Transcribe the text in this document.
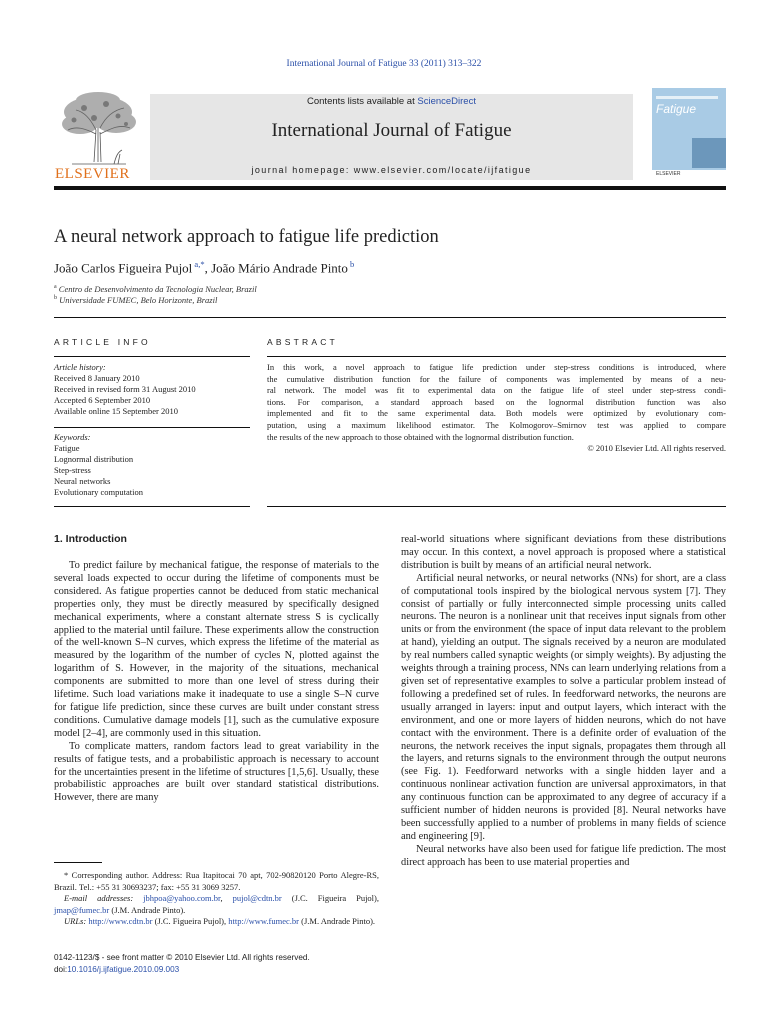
International Journal of Fatigue 33 (2011) 313–322
ELSEVIER
Contents lists available at ScienceDirect
International Journal of Fatigue
journal homepage: www.elsevier.com/locate/ijfatigue
Fatigue
ELSEVIER
A neural network approach to fatigue life prediction
João Carlos Figueira Pujol $^{a,*}$, João Mário Andrade Pinto $^b$
$^a$ Centro de Desenvolvimento da Tecnologia Nuclear, Brazil
$^b$ Universidade FUMEC, Belo Horizonte, Brazil
ARTICLE INFO
Article history:
Received 8 January 2010
Received in revised form 31 August 2010
Accepted 6 September 2010
Available online 15 September 2010
Keywords:
Fatigue
Lognormal distribution
Step-stress
Neural networks
Evolutionary computation
ABSTRACT
In this work, a novel approach to fatigue life prediction under step-stress conditions is introduced, where
the cumulative distribution function for the failure of components was implemented by means of a neu-
ral network. The model was fit to experimental data on the fatigue life of steel under step-stress condi-
tions. For comparison, a standard approach based on the lognormal distribution function was also
implemented and fit to the same experimental data. Both models were optimized by evolutionary com-
putation, using a maximum likelihood estimator. The Kolmogorov–Smirnov test was applied to compare
the results of the new approach to those obtained with the lognormal distribution function.
© 2010 Elsevier Ltd. All rights reserved.
1. Introduction

To predict failure by mechanical fatigue, the response of materials to the several loads expected to occur during the lifetime of components must be considered. As fatigue properties cannot be deduced from static mechanical properties only, they must be directly measured by specifically designed mechanical experiments, where a constant alternate stress S is cyclically applied to the material until failure. These experiments allow the construction of the well-known S–N curves, which express the lifetime of the material as measured by the logarithm of the number of cycles N, plotted against the logarithm of S. However, in the majority of the situations, mechanical components are submitted to more than one level of stress during their lifetime. Such load variations make it inadequate to use a single S–N curve for fatigue life prediction, since these curves are built under constant stress conditions. Cumulative damage models [1], such as the cumulative exposure model [2–4], are commonly used in this situation.

To complicate matters, random factors lead to great variability in the results of fatigue tests, and a probabilistic approach is necessary to account for the uncertainties present in the lifetime of structures [1,5,6]. Usually, these probabilistic approaches are built over standard statistical distributions. However, there are many

real-world situations where significant deviations from these distributions may occur. In this context, a novel approach is proposed where a statistical distribution is built by means of an artificial neural network.

Artificial neural networks, or neural networks (NNs) for short, are a class of computational tools inspired by the biological nervous system [7]. They consist of partially or fully interconnected simple processing units called neurons. The neuron is a nonlinear unit that receives input signals from other units or from the environment (the space of input data relevant to the problem at hand), yielding an output. The signals received by a neuron are modulated by real numbers called synaptic weights (or simply weights). By adjusting the weights through a training process, NNs can learn underlying relations from a given set of representative examples to solve a particular problem instead of following a predefined set of rules. In feedforward networks, the neurons are usually arranged in layers: input and output layers, which interact with the environment, and one or more layers of hidden neurons, which do not have contact with the environment. There is a definite order of evaluation of the neurons, the network receives the input signals, propagates them through all the layers, and returns signals to the environment through the output neurons (see Fig. 1). Feedforward networks with a single hidden layer and a continuous nonlinear activation function are universal approximators, in that any continuous function can be approximated to any degree of accuracy if a sufficient number of hidden neurons is provided [8]. Neural networks have been successfully applied to a number of problems in many fields of science and engineering [9].

Neural networks have also been used for fatigue life prediction. The most direct approach has been to use material properties and

* Corresponding author. Address: Rua Itapitocai 70 apt, 702-90820120 Porto Alegre-RS, Brazil. Tel.: +55 31 30693237; fax: +55 31 3069 3257.
E-mail addresses: jbhpoa@yahoo.com.br, pujol@cdtn.br (J.C. Figueira Pujol), jmap@fumec.br (J.M. Andrade Pinto).
URLs: http://www.cdtn.br (J.C. Figueira Pujol), http://www.fumec.br (J.M. Andrade Pinto).
0142-1123/$ - see front matter © 2010 Elsevier Ltd. All rights reserved.
doi:10.1016/j.ijfatigue.2010.09.003
